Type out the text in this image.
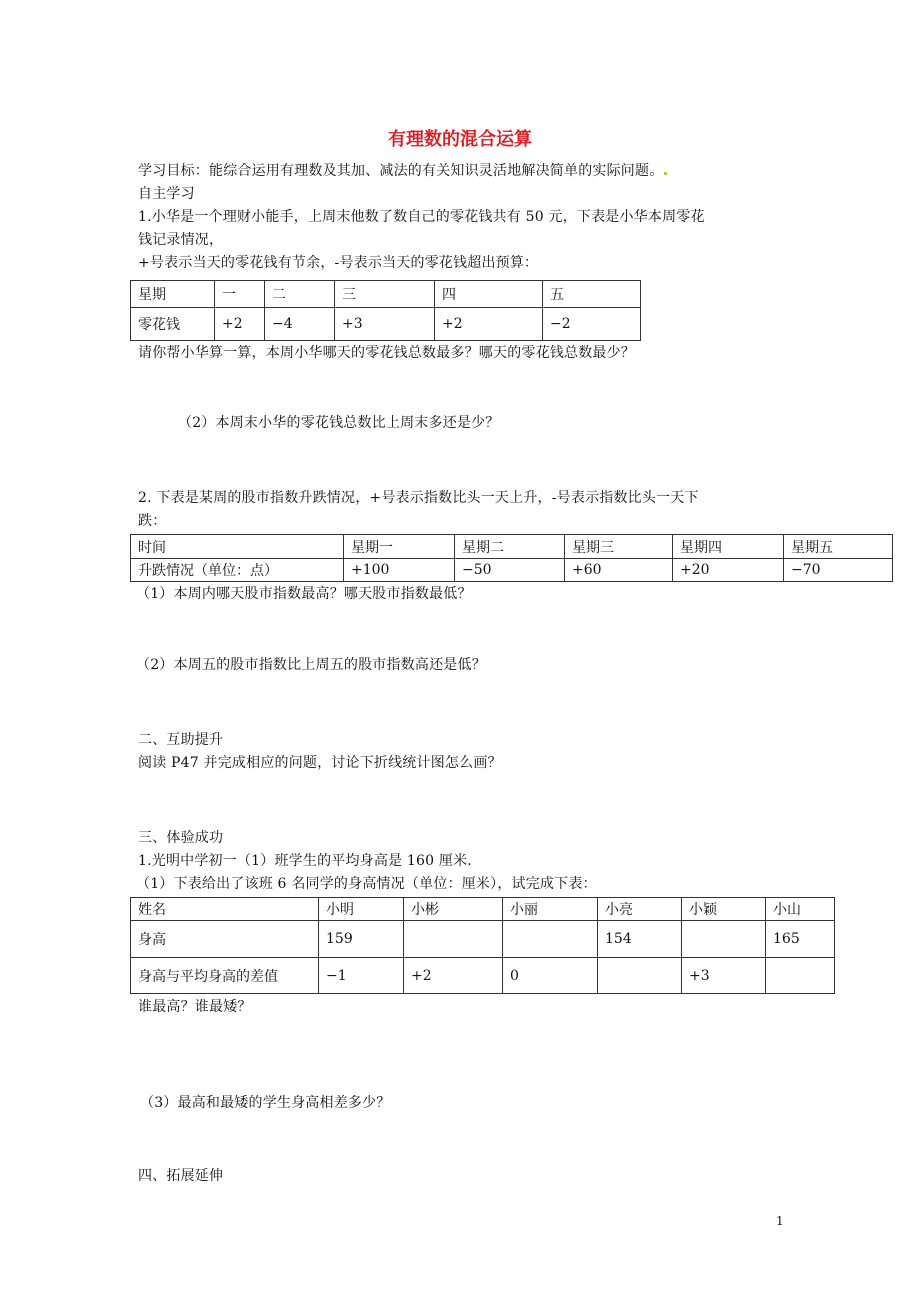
有理数的混合运算
学习目标：能综合运用有理数及其加、减法的有关知识灵活地解决简单的实际问题。
自主学习
1.小华是一个理财小能手，上周末他数了数自己的零花钱共有 50 元，下表是小华本周零花
钱记录情况，
+号表示当天的零花钱有节余，-号表示当天的零花钱超出预算：
星期	一	二	三	四	五
零花钱	+2	−4	+3	+2	−2
请你帮小华算一算，本周小华哪天的零花钱总数最多？哪天的零花钱总数最少？
（2）本周末小华的零花钱总数比上周末多还是少？
2. 下表是某周的股市指数升跌情况，+号表示指数比头一天上升，-号表示指数比头一天下
跌：
时间	星期一	星期二	星期三	星期四	星期五
升跌情况（单位：点）	+100	−50	+60	+20	−70
（1）本周内哪天股市指数最高？哪天股市指数最低？
（2）本周五的股市指数比上周五的股市指数高还是低？
二、互助提升
阅读 P47 并完成相应的问题，讨论下折线统计图怎么画？
三、体验成功
1.光明中学初一（1）班学生的平均身高是 160 厘米.
（1）下表给出了该班 6 名同学的身高情况（单位：厘米），试完成下表：
姓名	小明	小彬	小丽	小亮	小颖	小山
身高	159			154		165
身高与平均身高的差值	−1	+2	0		+3	
谁最高？谁最矮？
（3）最高和最矮的学生身高相差多少？
四、拓展延伸
1
